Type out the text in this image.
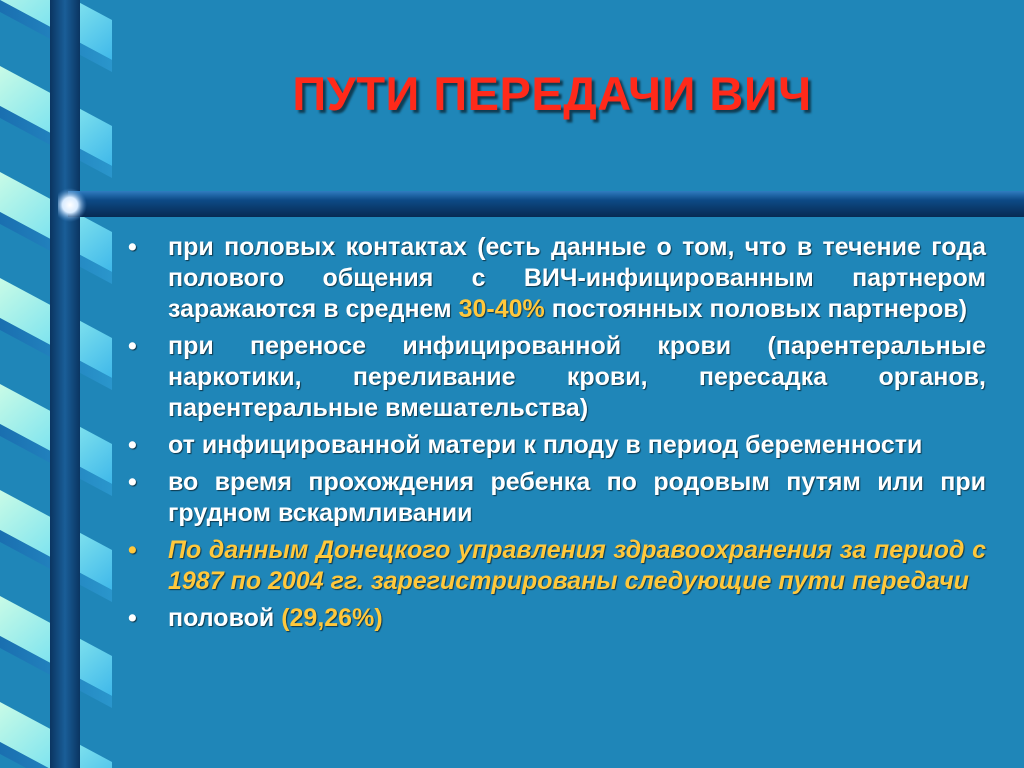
ПУТИ ПЕРЕДАЧИ ВИЧ
• при половых контактах (есть данные о том, что в течение года полового общения с ВИЧ-инфицированным партнером заражаются в среднем 30-40% постоянных половых партнеров)
• при переносе инфицированной крови (парентеральные наркотики, переливание крови, пересадка органов, парентеральные вмешательства)
• от инфицированной матери к плоду в период беременности
• во время прохождения ребенка по родовым путям или при грудном вскармливании
• По данным Донецкого управления здравоохранения за период с 1987 по 2004 гг. зарегистрированы следующие пути передачи
• половой (29,26%)
